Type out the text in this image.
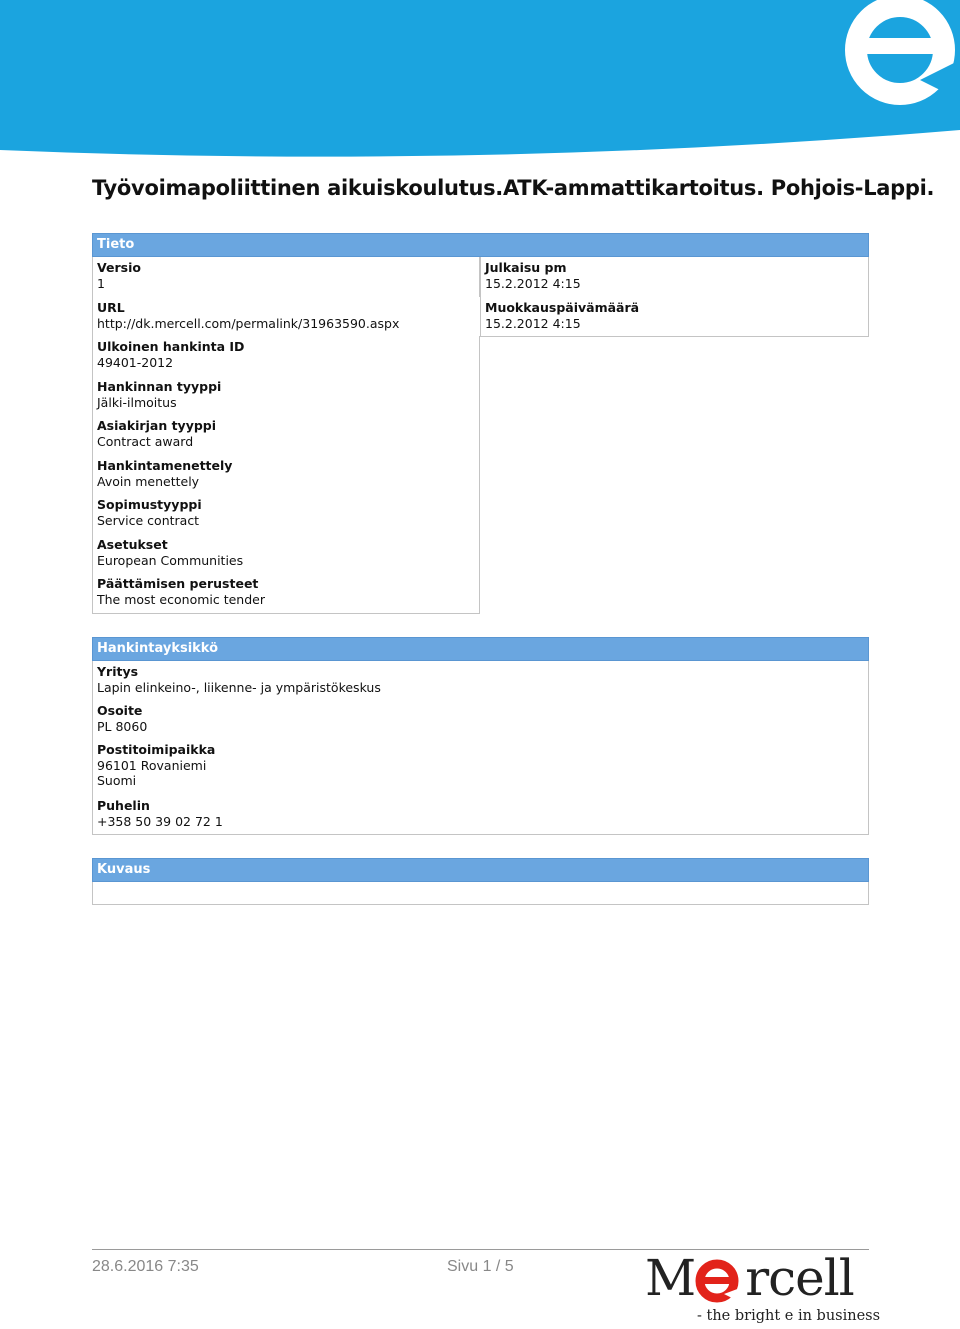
Työvoimapoliittinen aikuiskoulutus.ATK-ammattikartoitus. Pohjois-Lappi.
Tieto
Versio
1
URL
http://dk.mercell.com/permalink/31963590.aspx
Ulkoinen hankinta ID
49401-2012
Hankinnan tyyppi
Jälki-ilmoitus
Asiakirjan tyyppi
Contract award
Hankintamenettely
Avoin menettely
Sopimustyyppi
Service contract
Asetukset
European Communities
Päättämisen perusteet
The most economic tender
Julkaisu pm
15.2.2012 4:15
Muokkauspäivämäärä
15.2.2012 4:15
Hankintayksikkö
Yritys
Lapin elinkeino-, liikenne- ja ympäristökeskus
Osoite
PL 8060
Postitoimipaikka
96101 Rovaniemi
Suomi
Puhelin
+358 50 39 02 72 1
Kuvaus
28.6.2016 7:35	Sivu 1 / 5	M rcell
- the bright e in business
